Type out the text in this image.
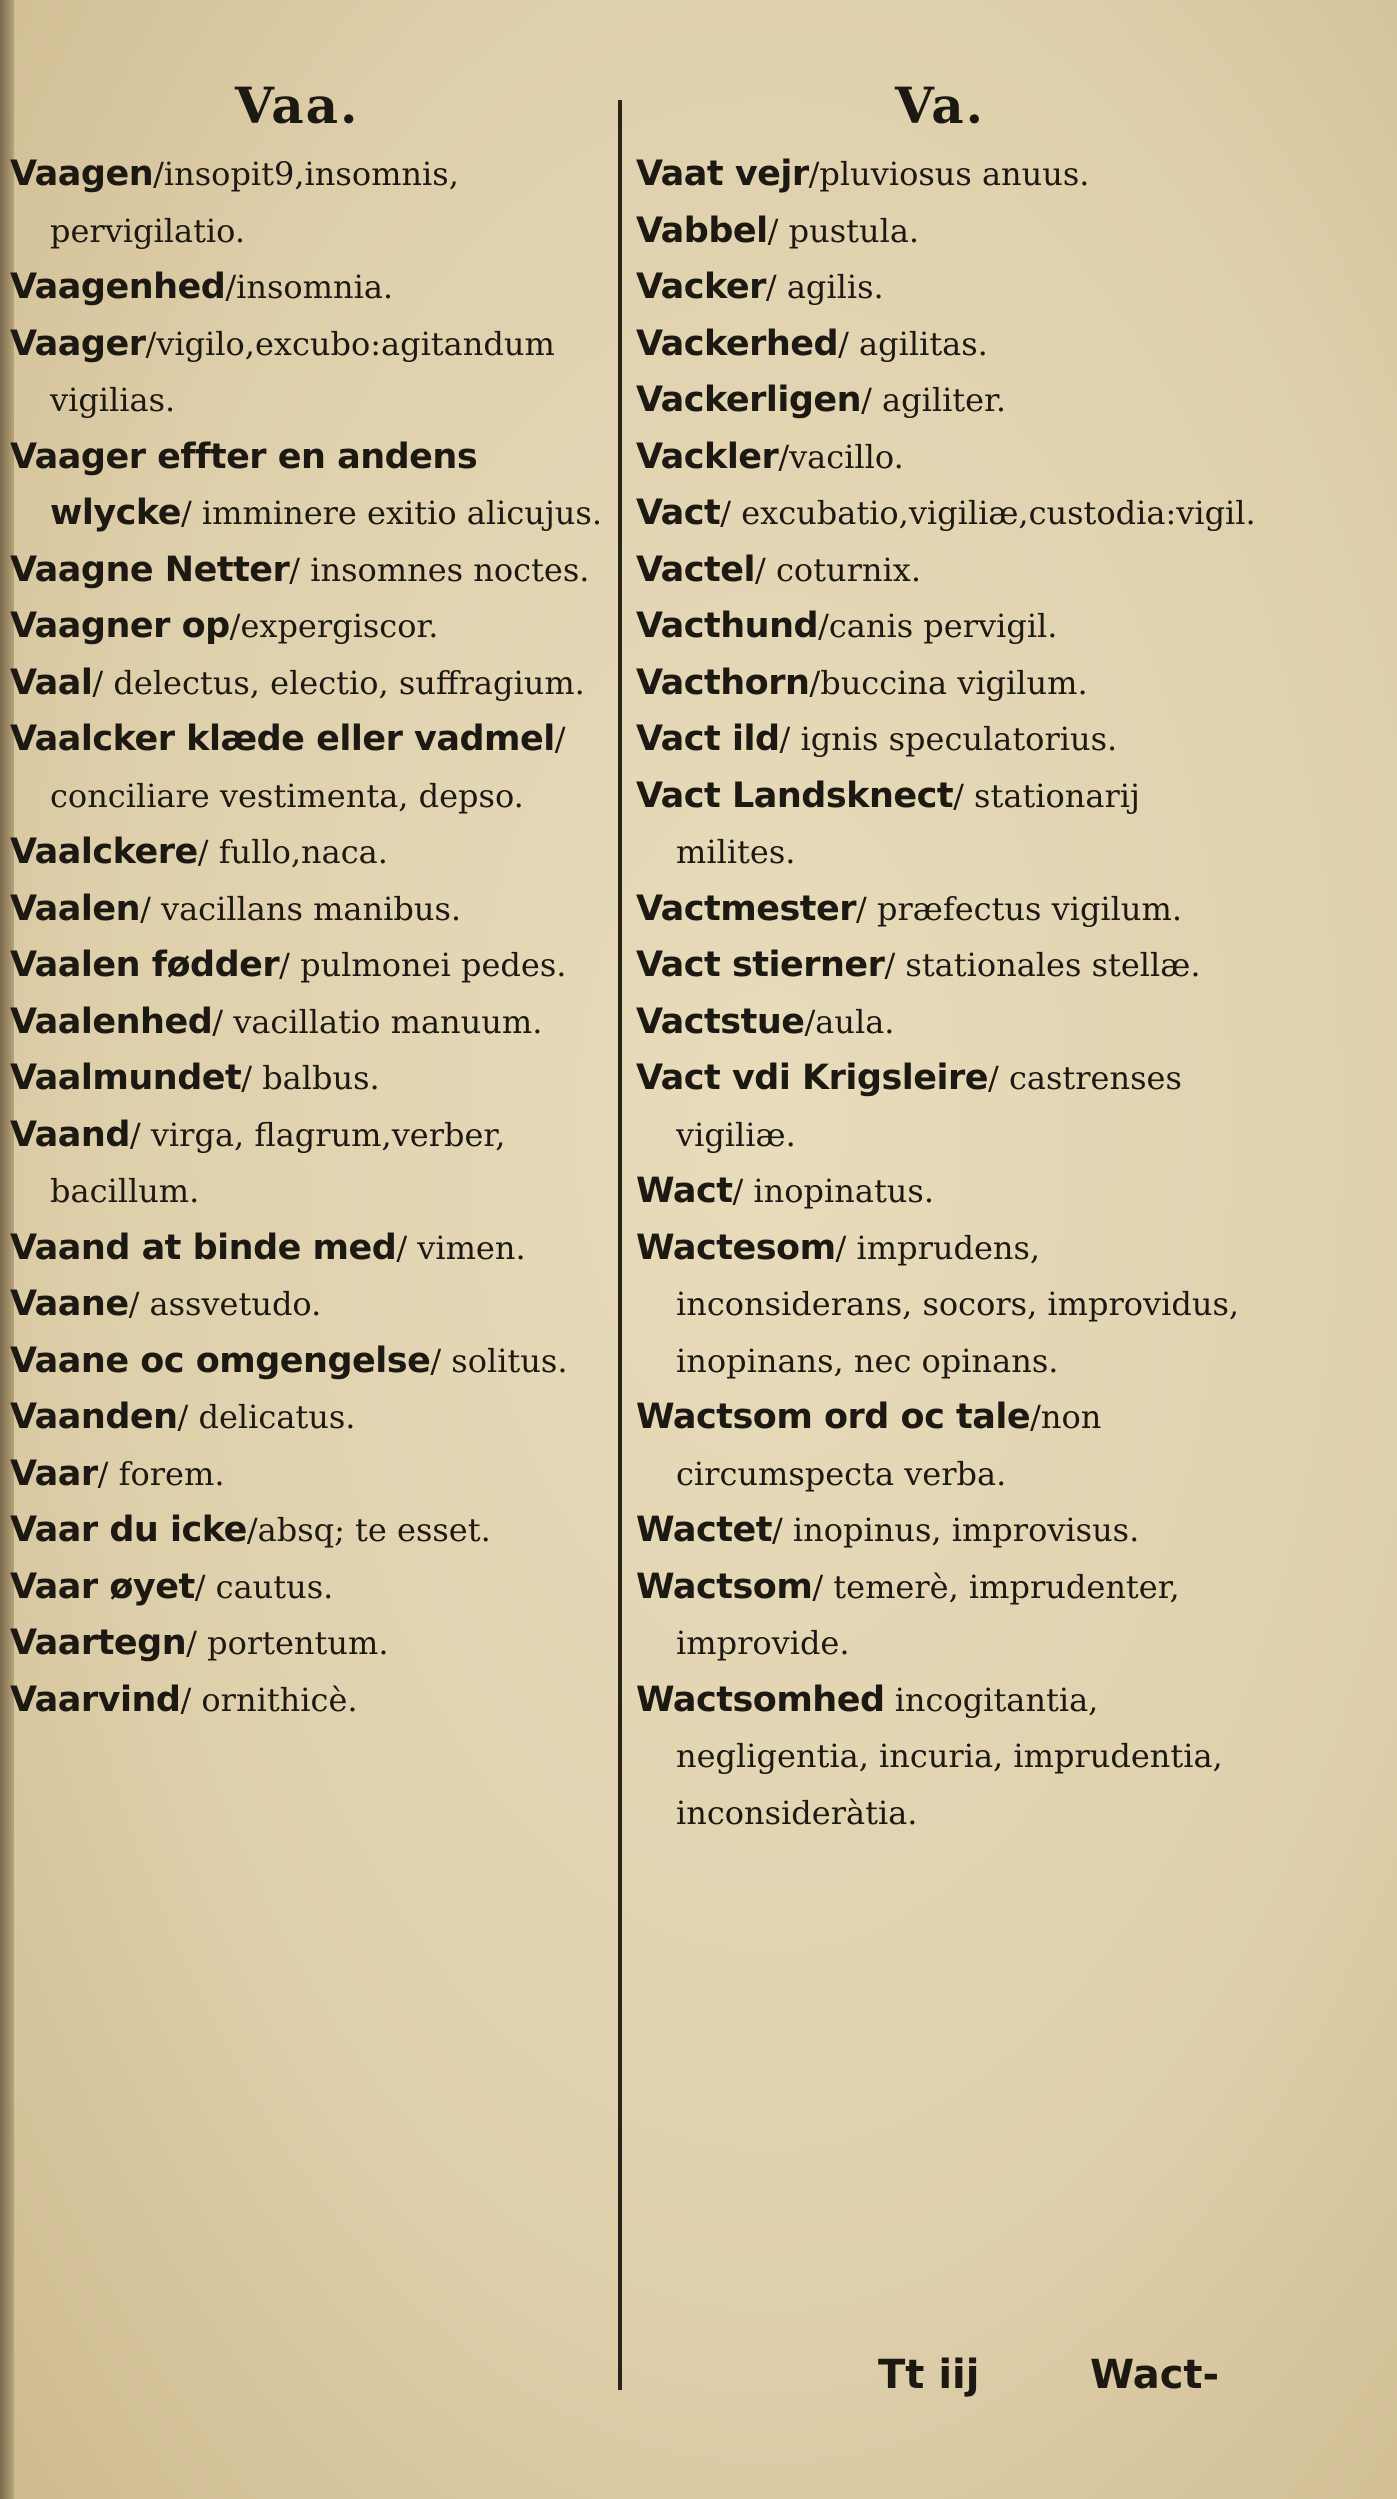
Vaa.	Va.
Vaagen/insopit9,insomnis, pervigilatio.
Vaagenhed/insomnia.
Vaager/vigilo,excubo:agitandum vigilias.
Vaager effter en andens wlycke/ imminere exitio alicujus.
Vaagne Netter/ insomnes noctes.
Vaagner op/expergiscor.
Vaal/ delectus, electio, suffragium.
Vaalcker klæde eller vadmel/ conciliare vestimenta, depso.
Vaalckere/ fullo,naca.
Vaalen/ vacillans manibus.
Vaalen fødder/ pulmonei pedes.
Vaalenhed/ vacillatio manuum.
Vaalmundet/ balbus.
Vaand/ virga, flagrum,verber, bacillum.
Vaand at binde med/ vimen.
Vaane/ assvetudo.
Vaane oc omgengelse/ solitus.
Vaanden/ delicatus.
Vaar/ forem.
Vaar du icke/absq; te esset.
Vaar øyet/ cautus.
Vaartegn/ portentum.
Vaarvind/ ornithicè.
Vaat vejr/pluviosus anuus.
Vabbel/ pustula.
Vacker/ agilis.
Vackerhed/ agilitas.
Vackerligen/ agiliter.
Vackler/vacillo.
Vact/ excubatio,vigiliæ,custodia:vigil.
Vactel/ coturnix.
Vacthund/canis pervigil.
Vacthorn/buccina vigilum.
Vact ild/ ignis speculatorius.
Vact Landsknect/ stationarij milites.
Vactmester/ præfectus vigilum.
Vact stierner/ stationales stellæ.
Vactstue/aula.
Vact vdi Krigsleire/ castrenses vigiliæ.
Wact/ inopinatus.
Wactesom/ imprudens, inconsiderans, socors, improvidus, inopinans, nec opinans.
Wactsom ord oc tale/non circumspecta verba.
Wactet/ inopinus, improvisus.
Wactsom/ temerè, imprudenter, improvide.
Wactsomhed incogitantia, negligentia, incuria, imprudentia, inconsideràtia.
Tt iij	Wact-
